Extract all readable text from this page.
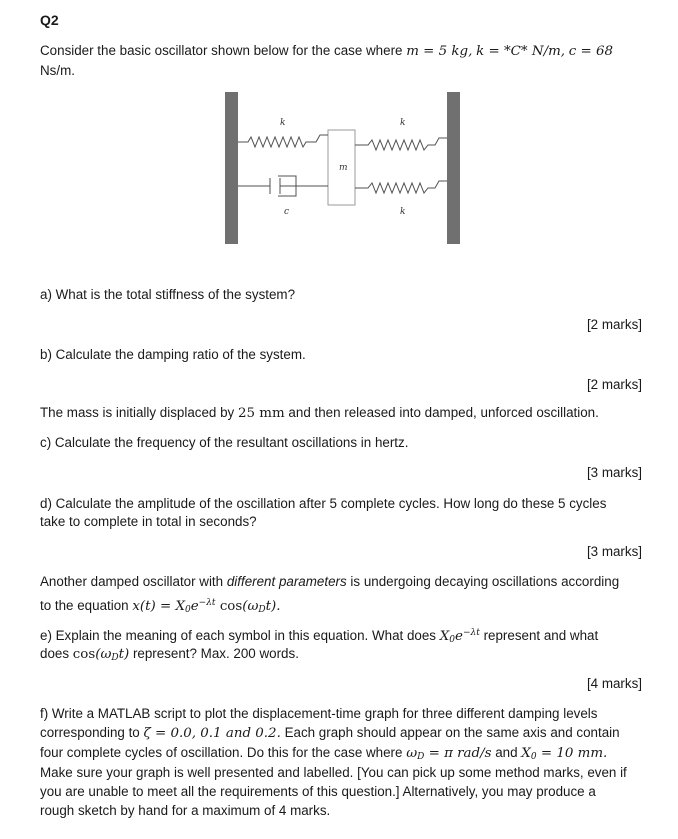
Q2
Consider the basic oscillator shown below for the case where m = 5 kg, k = *C* N/m, c = 68
Ns/m.
k	k
m
c	k
a) What is the total stiffness of the system?
[2 marks]
b) Calculate the damping ratio of the system.
[2 marks]
The mass is initially displaced by 25 mm and then released into damped, unforced oscillation.
c) Calculate the frequency of the resultant oscillations in hertz.
[3 marks]
d) Calculate the amplitude of the oscillation after 5 complete cycles. How long do these 5 cycles
take to complete in total in seconds?
[3 marks]
Another damped oscillator with different parameters is undergoing decaying oscillations according
to the equation $x(t) = X_0e^{-\lambda t}$ $\cos(\omega_Dt)$.
e) Explain the meaning of each symbol in this equation. What does $X_0e^{-\lambda t}$ represent and what
does $\cos(\omega_Dt)$ represent? Max. 200 words.
[4 marks]
f) Write a MATLAB script to plot the displacement-time graph for three different damping levels
corresponding to ζ = 0.0, 0.1 and 0.2. Each graph should appear on the same axis and contain
four complete cycles of oscillation. Do this for the case where $\omega_D = \pi$ rad/s and $X_0 = 10$ mm.
Make sure your graph is well presented and labelled. [You can pick up some method marks, even if
you are unable to meet all the requirements of this question.] Alternatively, you may produce a
rough sketch by hand for a maximum of 4 marks.
